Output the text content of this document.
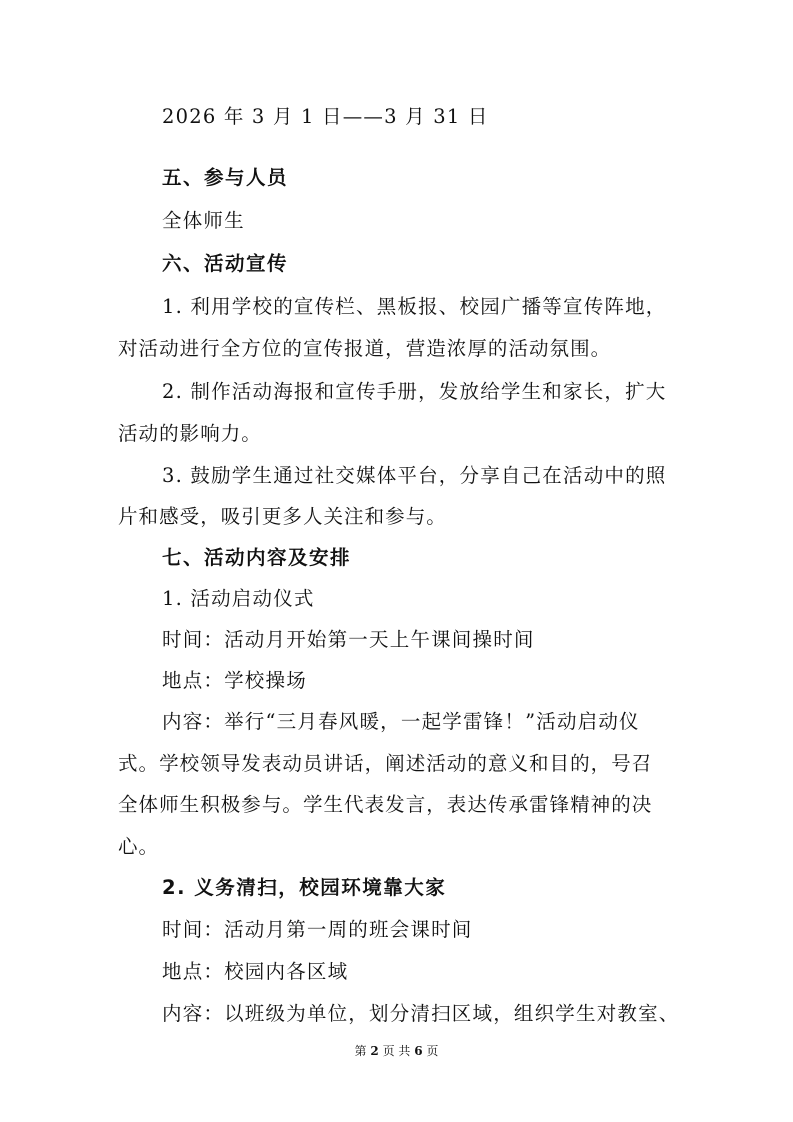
2026 年 3 月 1 日——3 月 31 日
五、参与人员
全体师生
六、活动宣传
1. 利用学校的宣传栏、黑板报、校园广播等宣传阵地，
对活动进行全方位的宣传报道，营造浓厚的活动氛围。
2. 制作活动海报和宣传手册，发放给学生和家长，扩大
活动的影响力。
3. 鼓励学生通过社交媒体平台，分享自己在活动中的照
片和感受，吸引更多人关注和参与。
七、活动内容及安排
1. 活动启动仪式
时间：活动月开始第一天上午课间操时间
地点：学校操场
内容：举行“三月春风暖，一起学雷锋！”活动启动仪
式。学校领导发表动员讲话，阐述活动的意义和目的，号召
全体师生积极参与。学生代表发言，表达传承雷锋精神的决
心。
2. 义务清扫，校园环境靠大家
时间：活动月第一周的班会课时间
地点：校园内各区域
内容：以班级为单位，划分清扫区域，组织学生对教室、
第 2 页 共 6 页
